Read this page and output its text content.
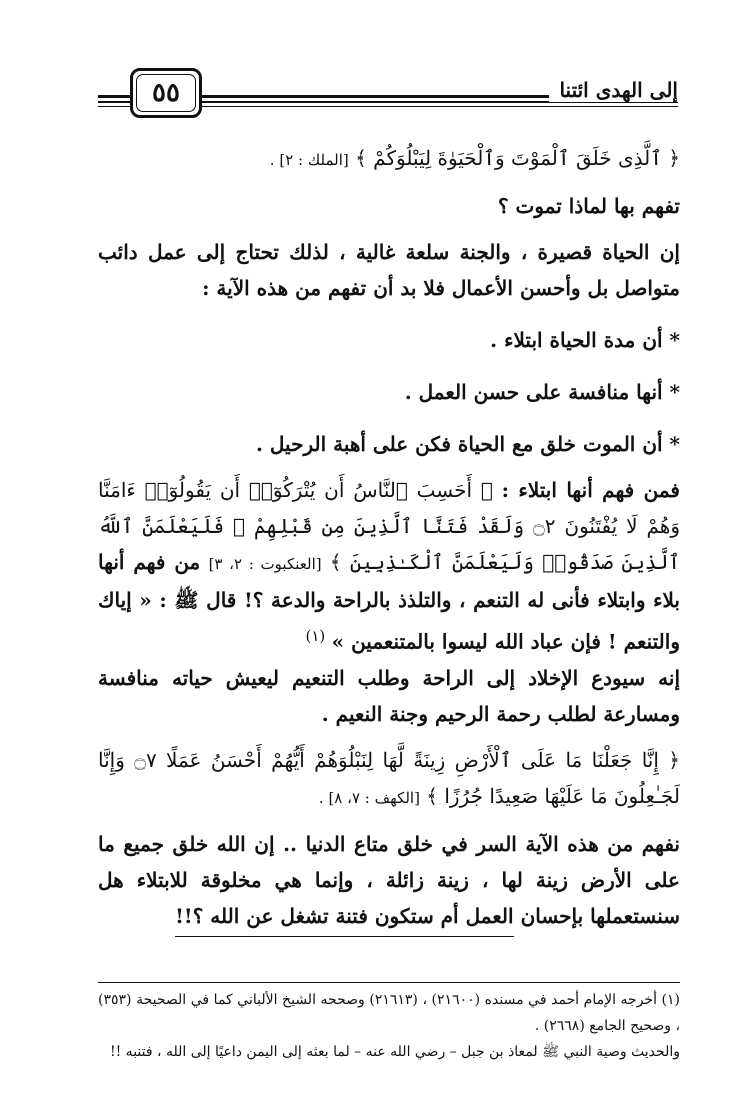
٥٥	إلى الهدى ائتنا

﴿ ٱلَّذِى خَلَقَ ٱلْمَوْتَ وَٱلْحَيَوٰةَ لِيَبْلُوَكُمْ ﴾ [الملك : ٢] .

تفهم بها لماذا تموت ؟

إن الحياة قصيرة ، والجنة سلعة غالية ، لذلك تحتاج إلى عمل دائب متواصل بل وأحسن الأعمال فلا بد أن تفهم من هذه الآية :

* أن مدة الحياة ابتلاء .

* أنها منافسة على حسن العمل .

* أن الموت خلق مع الحياة فكن على أهبة الرحيل .

فمن فهم أنها ابتلاء : ﴿ أَحَسِبَ ٱلنَّاسُ أَن يُتْرَكُوٓا۟ أَن يَقُولُوٓا۟ ءَامَنَّا وَهُمْ لَا يُفْتَنُونَ ۝٢ وَلَقَدْ فَتَنَّا ٱلَّذِينَ مِن قَبْلِهِمْ ۖ فَلَيَعْلَمَنَّ ٱللَّهُ ٱلَّذِينَ صَدَقُوا۟ وَلَيَعْلَمَنَّ ٱلْكَـٰذِبِينَ ﴾ [العنكبوت : ٢، ٣] من فهم أنها بلاء وابتلاء فأنى له التنعم ، والتلذذ بالراحة والدعة ؟! قال ﷺ : « إياك والتنعم ! فإن عباد الله ليسوا بالمتنعمين » $^{(١)}$

إنه سيودع الإخلاد إلى الراحة وطلب التنعيم ليعيش حياته منافسة ومسارعة لطلب رحمة الرحيم وجنة النعيم .

﴿ إِنَّا جَعَلْنَا مَا عَلَى ٱلْأَرْضِ زِينَةً لَّهَا لِنَبْلُوَهُمْ أَيُّهُمْ أَحْسَنُ عَمَلًا ۝٧ وَإِنَّا لَجَـٰعِلُونَ مَا عَلَيْهَا صَعِيدًا جُرُزًا ﴾ [الكهف : ٧، ٨] .

نفهم من هذه الآية السر في خلق متاع الدنيا .. إن الله خلق جميع ما على الأرض زينة لها ، زينة زائلة ، وإنما هي مخلوقة للابتلاء هل سنستعملها بإحسان العمل أم ستكون فتنة تشغل عن الله ؟!!

(١) أخرجه الإمام أحمد في مسنده (٢١٦٠٠) ، (٢١٦١٣) وصححه الشيخ الألباني كما في الصحيحة (٣٥٣) ، وصحيح الجامع (٢٦٦٨) .

والحديث وصية النبي ﷺ لمعاذ بن جبل – رضي الله عنه – لما بعثه إلى اليمن داعيًا إلى الله ، فتنبه !!
